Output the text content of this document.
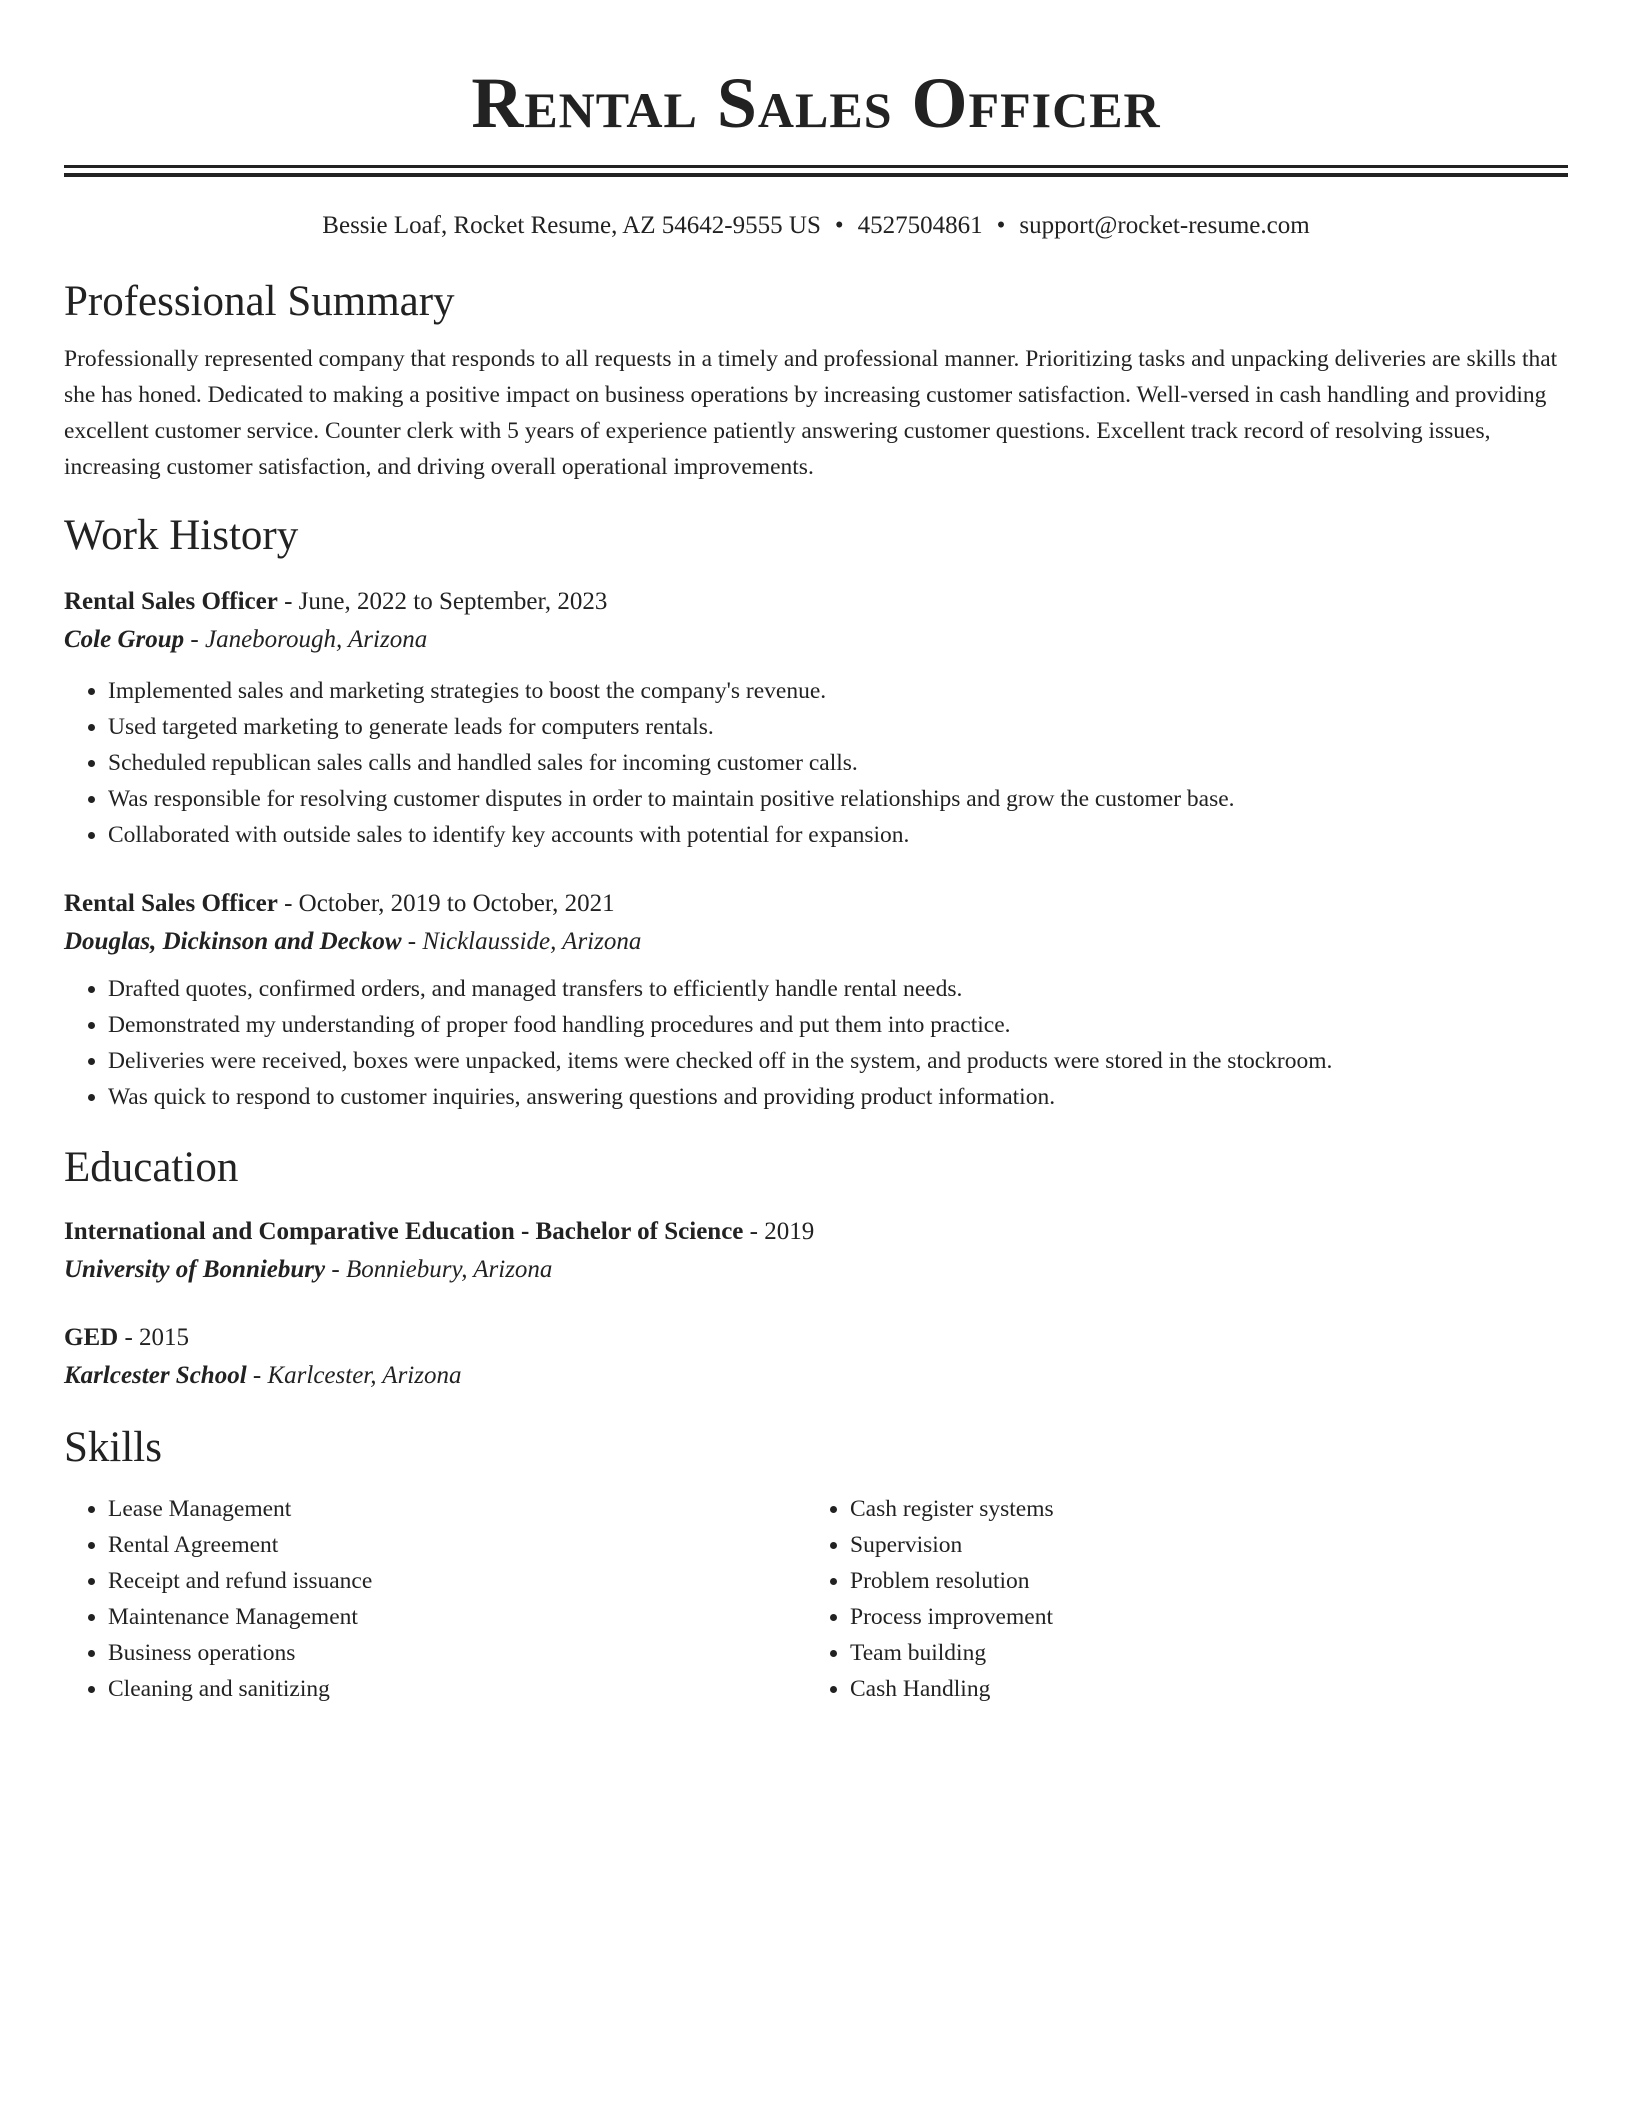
Rental Sales Officer
Bessie Loaf, Rocket Resume, AZ 54642-9555 US • 4527504861 • support@rocket-resume.com
Professional Summary
Professionally represented company that responds to all requests in a timely and professional manner. Prioritizing tasks and unpacking deliveries are skills that she has honed. Dedicated to making a positive impact on business operations by increasing customer satisfaction. Well-versed in cash handling and providing excellent customer service. Counter clerk with 5 years of experience patiently answering customer questions. Excellent track record of resolving issues, increasing customer satisfaction, and driving overall operational improvements.
Work History
Rental Sales Officer - June, 2022 to September, 2023
Cole Group - Janeborough, Arizona
• Implemented sales and marketing strategies to boost the company's revenue.
• Used targeted marketing to generate leads for computers rentals.
• Scheduled republican sales calls and handled sales for incoming customer calls.
• Was responsible for resolving customer disputes in order to maintain positive relationships and grow the customer base.
• Collaborated with outside sales to identify key accounts with potential for expansion.
Rental Sales Officer - October, 2019 to October, 2021
Douglas, Dickinson and Deckow - Nicklausside, Arizona
• Drafted quotes, confirmed orders, and managed transfers to efficiently handle rental needs.
• Demonstrated my understanding of proper food handling procedures and put them into practice.
• Deliveries were received, boxes were unpacked, items were checked off in the system, and products were stored in the stockroom.
• Was quick to respond to customer inquiries, answering questions and providing product information.
Education
International and Comparative Education - Bachelor of Science - 2019
University of Bonniebury - Bonniebury, Arizona
GED - 2015
Karlcester School - Karlcester, Arizona
Skills
• Lease Management
• Rental Agreement
• Receipt and refund issuance
• Maintenance Management
• Business operations
• Cleaning and sanitizing
• Cash register systems
• Supervision
• Problem resolution
• Process improvement
• Team building
• Cash Handling
